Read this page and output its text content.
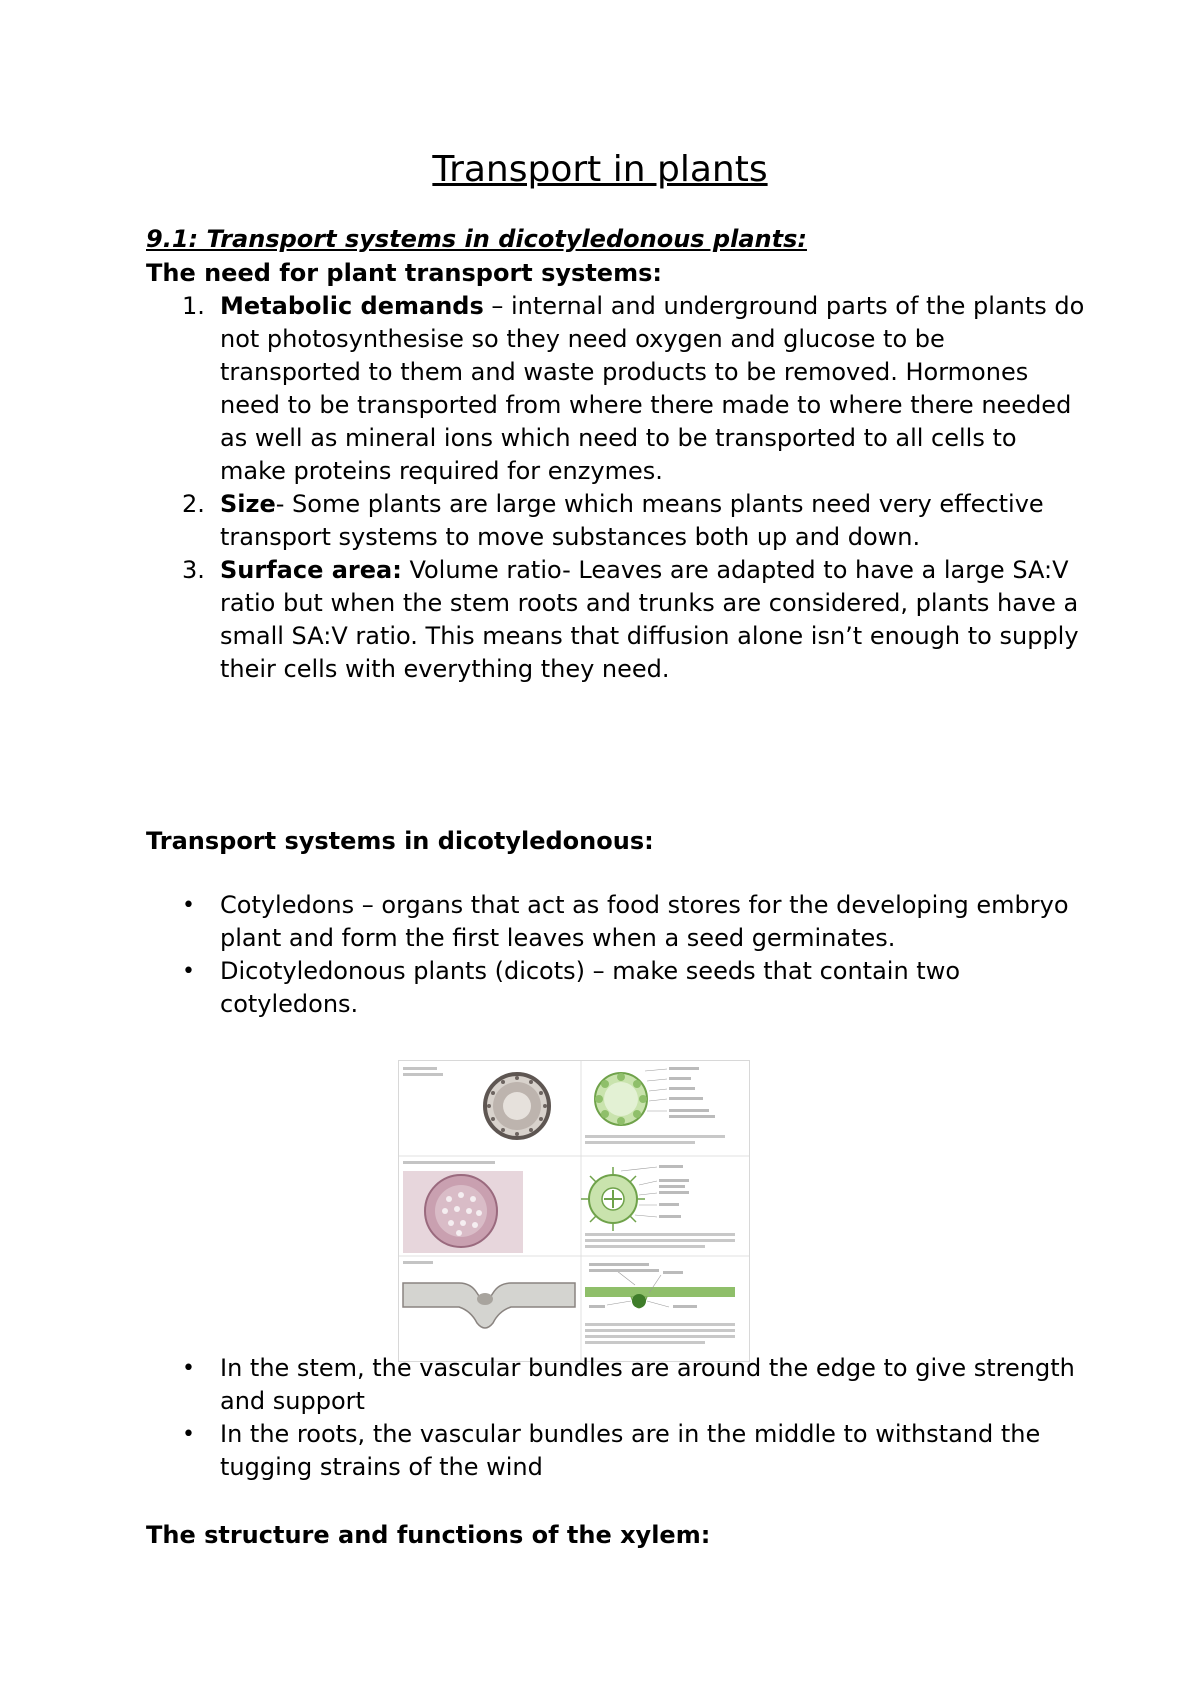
Transport in plants
9.1: Transport systems in dicotyledonous plants:
The need for plant transport systems:
1. Metabolic demands – internal and underground parts of the plants do not photosynthesise so they need oxygen and glucose to be transported to them and waste products to be removed. Hormones need to be transported from where there made to where there needed as well as mineral ions which need to be transported to all cells to make proteins required for enzymes.
2. Size- Some plants are large which means plants need very effective transport systems to move substances both up and down.
3. Surface area: Volume ratio- Leaves are adapted to have a large SA:V ratio but when the stem roots and trunks are considered, plants have a small SA:V ratio. This means that diffusion alone isn’t enough to supply their cells with everything they need.
Transport systems in dicotyledonous:
• Cotyledons – organs that act as food stores for the developing embryo plant and form the first leaves when a seed germinates.
• Dicotyledonous plants (dicots) – make seeds that contain two cotyledons.
• In the stem, the vascular bundles are around the edge to give strength and support
• In the roots, the vascular bundles are in the middle to withstand the tugging strains of the wind
The structure and functions of the xylem:
